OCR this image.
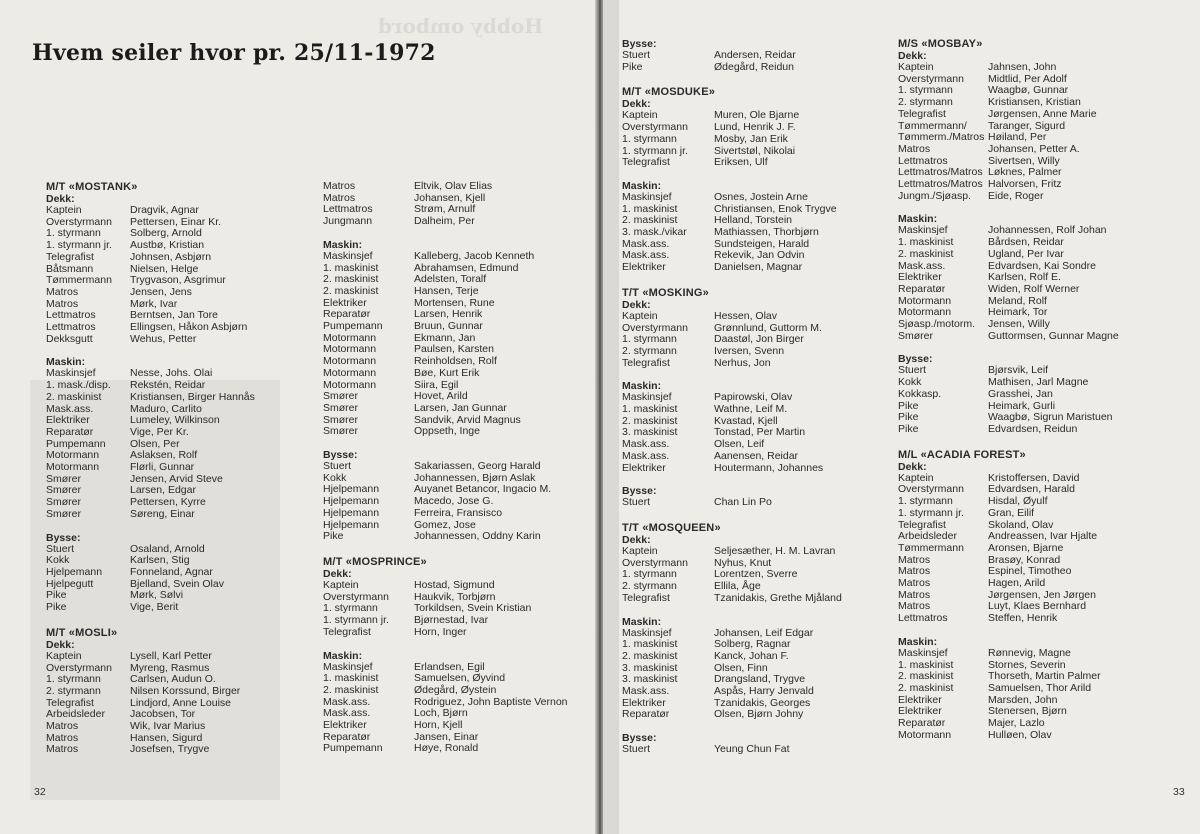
Hobby ombord
Hvem seiler hvor pr. 25/11-1972
M/T «MOSTANK»
Dekk:
Kaptein	Dragvik, Agnar
Overstyrmann Pettersen, Einar Kr.
1. styrmann	Solberg, Arnold
1. styrmann jr. Austbø, Kristian
Telegrafist	Johnsen, Asbjørn
Båtsmann	Nielsen, Helge
Tømmermann Trygvason, Asgrimur
Matros	Jensen, Jens
Matros	Mørk, Ivar
Lettmatros	Berntsen, Jan Tore
Lettmatros	Ellingsen, Håkon Asbjørn
Dekksgutt	Wehus, Petter
Maskin:
Maskinsjef	Nesse, Johs. Olai
1. mask./disp. Rekstén, Reidar
2. maskinist	Kristiansen, Birger Hannås
Mask.ass.	Maduro, Carlito
Elektriker	Lumeley, Wilkinson
Reparatør	Vige, Per Kr.
Pumpemann Olsen, Per
Motormann	Aslaksen, Rolf
Motormann	Flørli, Gunnar
Smører	Jensen, Arvid Steve
Smører	Larsen, Edgar
Smører	Pettersen, Kyrre
Smører	Søreng, Einar
Bysse:
Stuert	Osaland, Arnold
Kokk	Karlsen, Stig
Hjelpemann	Fonneland, Agnar
Hjelpegutt	Bjelland, Svein Olav
Pike	Mørk, Sølvi
Pike	Vige, Berit
M/T «MOSLI»
Dekk:
Kaptein	Lysell, Karl Petter
Overstyrmann Myreng, Rasmus
1. styrmann	Carlsen, Audun O.
2. styrmann	Nilsen Korssund, Birger
Telegrafist	Lindjord, Anne Louise
Arbeidsleder Jacobsen, Tor
Matros	Wik, Ivar Marius
Matros	Hansen, Sigurd
Matros	Josefsen, Trygve
Matros	Eltvik, Olav Elias
Matros	Johansen, Kjell
Lettmatros	Strøm, Arnulf
Jungmann	Dalheim, Per
Maskin:
Maskinsjef	Kalleberg, Jacob Kenneth
1. maskinist	Abrahamsen, Edmund
2. maskinist	Adelsten, Toralf
2. maskinist	Hansen, Terje
Elektriker	Mortensen, Rune
Reparatør	Larsen, Henrik
Pumpemann	Bruun, Gunnar
Motormann	Ekmann, Jan
Motormann	Paulsen, Karsten
Motormann	Reinholdsen, Rolf
Motormann	Bøe, Kurt Erik
Motormann	Siira, Egil
Smører	Hovet, Arild
Smører	Larsen, Jan Gunnar
Smører	Sandvik, Arvid Magnus
Smører	Oppseth, Inge
Bysse:
Stuert	Sakariassen, Georg Harald
Kokk	Johannessen, Bjørn Aslak
Hjelpemann	Auyanet Betancor, Ingacio M.
Hjelpemann	Macedo, Jose G.
Hjelpemann	Ferreira, Fransisco
Hjelpemann	Gomez, Jose
Pike	Johannessen, Oddny Karin
M/T «MOSPRINCE»
Dekk:
Kaptein	Hostad, Sigmund
Overstyrmann Haukvik, Torbjørn
1. styrmann	Torkildsen, Svein Kristian
1. styrmann jr. Bjørnestad, Ivar
Telegrafist	Horn, Inger
Maskin:
Maskinsjef	Erlandsen, Egil
1. maskinist	Samuelsen, Øyvind
2. maskinist	Ødegård, Øystein
Mask.ass.	Rodriguez, John Baptiste Vernon
Mask.ass.	Loch, Bjørn
Elektriker	Horn, Kjell
Reparatør	Jansen, Einar
Pumpemann	Høye, Ronald
32
Bysse:
Stuert	Andersen, Reidar
Pike	Ødegård, Reidun
M/T «MOSDUKE»
Dekk:
Kaptein	Muren, Ole Bjarne
Overstyrmann Lund, Henrik J. F.
1. styrmann	Mosby, Jan Erik
1. styrmann jr. Sivertstøl, Nikolai
Telegrafist	Eriksen, Ulf
Maskin:
Maskinsjef	Osnes, Jostein Arne
1. maskinist	Christiansen, Enok Trygve
2. maskinist	Helland, Torstein
3. mask./vikar	Mathiassen, Thorbjørn
Mask.ass.	Sundsteigen, Harald
Mask.ass.	Rekevik, Jan Odvin
Elektriker	Danielsen, Magnar
T/T «MOSKING»
Dekk:
Kaptein	Hessen, Olav
Overstyrmann Grønnlund, Guttorm M.
1. styrmann	Daastøl, Jon Birger
2. styrmann	Iversen, Svenn
Telegrafist	Nerhus, Jon
Maskin:
Maskinsjef	Papirowski, Olav
1. maskinist	Wathne, Leif M.
2. maskinist	Kvastad, Kjell
3. maskinist	Tonstad, Per Martin
Mask.ass.	Olsen, Leif
Mask.ass.	Aanensen, Reidar
Elektriker	Houtermann, Johannes
Bysse:
Stuert	Chan Lin Po
T/T «MOSQUEEN»
Dekk:
Kaptein	Seljesæther, H. M. Lavran
Overstyrmann Nyhus, Knut
1. styrmann	Lorentzen, Sverre
2. styrmann	Ellila, Åge
Telegrafist	Tzanidakis, Grethe Mjåland
Maskin:
Maskinsjef	Johansen, Leif Edgar
1. maskinist	Solberg, Ragnar
2. maskinist	Kanck, Johan F.
3. maskinist	Olsen, Finn
3. maskinist	Drangsland, Trygve
Mask.ass.	Aspås, Harry Jenvald
Elektriker	Tzanidakis, Georges
Reparatør	Olsen, Bjørn Johny
Bysse:
Stuert	Yeung Chun Fat
M/S «MOSBAY»
Dekk:
Kaptein	Jahnsen, John
Overstyrmann Midtlid, Per Adolf
1. styrmann	Waagbø, Gunnar
2. styrmann	Kristiansen, Kristian
Telegrafist	Jørgensen, Anne Marie
Tømmermann/ Taranger, Sigurd
Tømmerm./Matros Høiland, Per
Matros	Johansen, Petter A.
Lettmatros	Sivertsen, Willy
Lettmatros/Matros Løknes, Palmer
Lettmatros/Matros Halvorsen, Fritz
Jungm./Sjøasp. Eide, Roger
Maskin:
Maskinsjef	Johannessen, Rolf Johan
1. maskinist	Bårdsen, Reidar
2. maskinist	Ugland, Per Ivar
Mask.ass.	Edvardsen, Kai Sondre
Elektriker	Karlsen, Rolf E.
Reparatør	Widen, Rolf Werner
Motormann	Meland, Rolf
Motormann	Heimark, Tor
Sjøasp./motorm. Jensen, Willy
Smører	Guttormsen, Gunnar Magne
Bysse:
Stuert	Bjørsvik, Leif
Kokk	Mathisen, Jarl Magne
Kokkasp.	Grasshei, Jan
Pike	Heimark, Gurli
Pike	Waagbø, Sigrun Maristuen
Pike	Edvardsen, Reidun
M/L «ACADIA FOREST»
Dekk:
Kaptein	Kristoffersen, David
Overstyrmann Edvardsen, Harald
1. styrmann	Hisdal, Øyulf
1. styrmann jr. Gran, Eilif
Telegrafist	Skoland, Olav
Arbeidsleder	Andreassen, Ivar Hjalte
Tømmermann Aronsen, Bjarne
Matros	Brasøy, Konrad
Matros	Espinel, Timotheo
Matros	Hagen, Arild
Matros	Jørgensen, Jen Jørgen
Matros	Luyt, Klaes Bernhard
Lettmatros	Steffen, Henrik
Maskin:
Maskinsjef	Rønnevig, Magne
1. maskinist	Stornes, Severin
2. maskinist	Thorseth, Martin Palmer
2. maskinist	Samuelsen, Thor Arild
Elektriker	Marsden, John
Elektriker	Stenersen, Bjørn
Reparatør	Majer, Lazlo
Motormann	Hulløen, Olav
33
